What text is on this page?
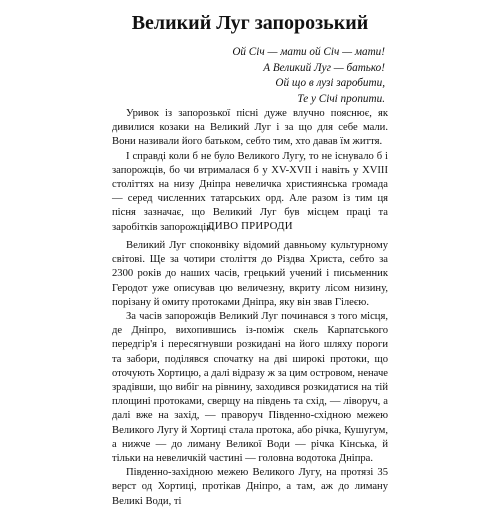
Великий Луг запорозький
Ой Січ — мати ой Січ — мати!
А Великий Луг — батько!
Ой що в лузі заробити,
Те у Січі пропити.

Уривок із запорозької пісні дуже влучно пояснює, як дивилися козаки на Великий Луг і за що для себе мали. Вони називали його батьком, себто тим, хто давав їм життя.

І справді коли б не було Великого Лугу, то не існувало б і запорожців, бо чи втрималася б у XV-XVII і навіть у XVIII століттях на низу Дніпра невеличка християнська громада — серед численних татарських орд. Але разом із тим ця пісня зазначає, що Великий Луг був місцем праці та заробітків запорожців.

ДИВО ПРИРОДИ

Великий Луг споконвіку відомий давньому культурному світові. Ще за чотири століття до Різдва Христа, себто за 2300 років до наших часів, грецький учений і письменник Геродот уже описував цю величезну, вкриту лісом низину, порізану й омиту протоками Дніпра, яку він звав Гілеєю.

За часів запорожців Великий Луг починався з того місця, де Дніпро, вихопившись із-поміж скель Карпатського передгір'я і пересягнувши розкидані на його шляху пороги та забори, поділявся спочатку на дві широкі протоки, що оточують Хортицю, а далі відразу ж за цим островом, неначе зрадівши, що вибіг на рівнину, заходився розкидатися на тій площині протоками, сверщу на південь та схід, — ліворуч, а далі вже на захід, — праворуч Південно-східною межею Великого Лугу й Хортиці стала протока, або річка, Кушугум, а нижче — до лиману Великої Води — річка Кінська, й тільки на невеличкій частині — головна водотока Дніпра.

Південно-західною межею Великого Лугу, на протязі 35 верст од Хортиці, протікав Дніпро, а там, аж до лиману Великі Води, ті
